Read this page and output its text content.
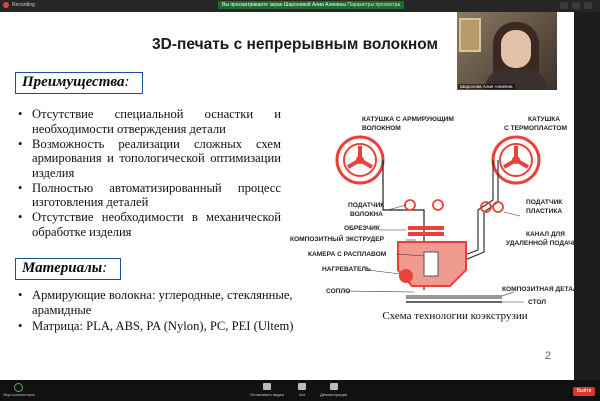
Recording	Вы просматриваете экран Шароновой Алии Алиевны Параметры просмотра
3D-печать с непрерывным волокном
Преимущества:
• Отсутствие специальной оснастки и необходимости отверждения детали
• Возможность реализации сложных схем армирования и топологической оптимизации изделия
• Полностью автоматизированный процесс изготовления деталей
• Отсутствие необходимости в механической обработке изделия
Материалы:
• Армирующие волокна: углеродные, стеклянные, арамидные
• Матрица: PLA, ABS, PA (Nylon), PC, PEI (Ultem)
КАТУШКА С АРМИРУЮЩИМ
ВОЛОКНОМ
КАТУШКА
С ТЕРМОПЛАСТОМ
ПОДАТЧИК
ВОЛОКНА
ПОДАТЧИК
ПЛАСТИКА
ОБРЕЗЧИК
КОМПОЗИТНЫЙ ЭКСТРУДЕР
КАМЕРА С РАСПЛАВОМ
НАГРЕВАТЕЛЬ
СОПЛО
КАНАЛ ДЛЯ
УДАЛЕННОЙ ПОДАЧИ
КОМПОЗИТНАЯ ДЕТАЛЬ
СТОЛ
Схема технологии коэкструзии
2
Шаронова Алия Алиевна
Звук компьютера	Остановить видео	Чат	Демонстрация
Выйти
